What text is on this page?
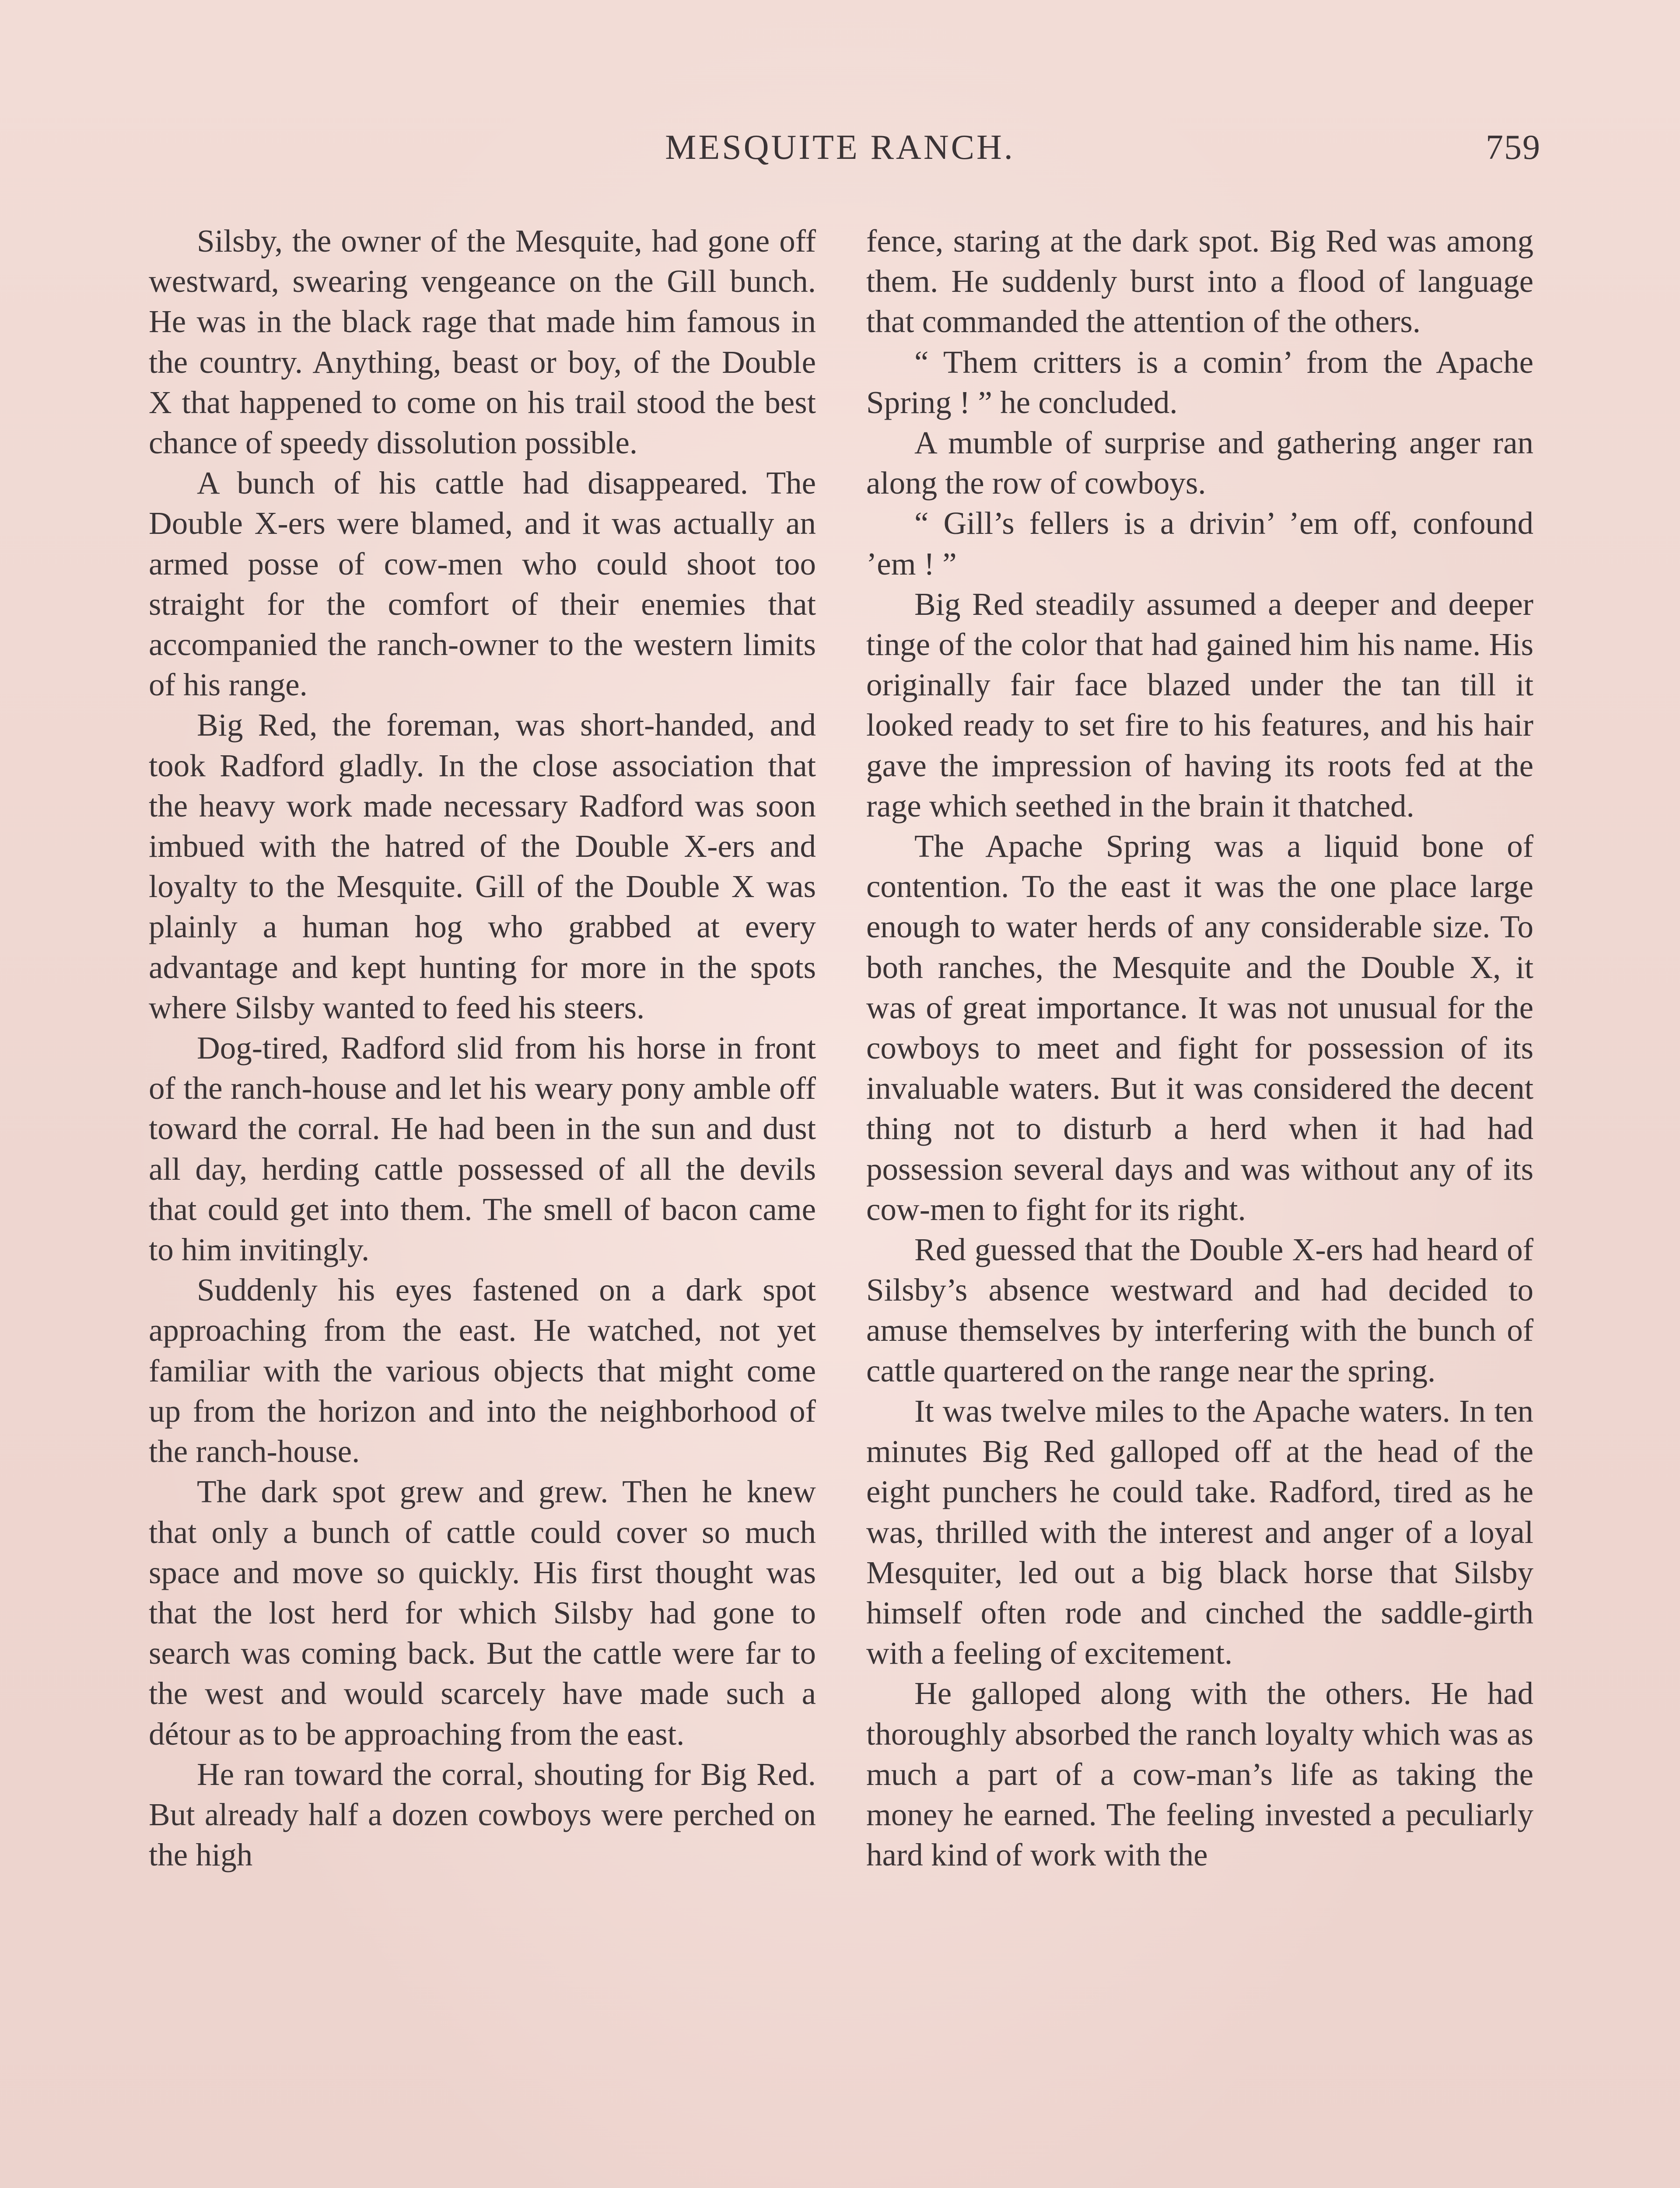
MESQUITE RANCH.	759

Silsby, the owner of the Mesquite, had gone off westward, swearing vengeance on the Gill bunch. He was in the black rage that made him famous in the country. Anything, beast or boy, of the Double X that happened to come on his trail stood the best chance of speedy dissolution possible.

A bunch of his cattle had disappeared. The Double X-ers were blamed, and it was actually an armed posse of cow-men who could shoot too straight for the comfort of their enemies that accompanied the ranch-owner to the western limits of his range.

Big Red, the foreman, was short-handed, and took Radford gladly. In the close association that the heavy work made necessary Radford was soon imbued with the hatred of the Double X-ers and loyalty to the Mesquite. Gill of the Double X was plainly a human hog who grabbed at every advantage and kept hunting for more in the spots where Silsby wanted to feed his steers.

Dog-tired, Radford slid from his horse in front of the ranch-house and let his weary pony amble off toward the corral. He had been in the sun and dust all day, herding cattle possessed of all the devils that could get into them. The smell of bacon came to him invitingly.

Suddenly his eyes fastened on a dark spot approaching from the east. He watched, not yet familiar with the various objects that might come up from the horizon and into the neighborhood of the ranch-house.

The dark spot grew and grew. Then he knew that only a bunch of cattle could cover so much space and move so quickly. His first thought was that the lost herd for which Silsby had gone to search was coming back. But the cattle were far to the west and would scarcely have made such a détour as to be approaching from the east.

He ran toward the corral, shouting for Big Red. But already half a dozen cowboys were perched on the high

fence, staring at the dark spot. Big Red was among them. He suddenly burst into a flood of language that commanded the attention of the others.

“ Them critters is a comin’ from the Apache Spring ! ” he concluded.

A mumble of surprise and gathering anger ran along the row of cowboys.

“ Gill’s fellers is a drivin’ ’em off, confound ’em ! ”

Big Red steadily assumed a deeper and deeper tinge of the color that had gained him his name. His originally fair face blazed under the tan till it looked ready to set fire to his features, and his hair gave the impression of having its roots fed at the rage which seethed in the brain it thatched.

The Apache Spring was a liquid bone of contention. To the east it was the one place large enough to water herds of any considerable size. To both ranches, the Mesquite and the Double X, it was of great importance. It was not unusual for the cowboys to meet and fight for possession of its invaluable waters. But it was considered the decent thing not to disturb a herd when it had had possession several days and was without any of its cow-men to fight for its right.

Red guessed that the Double X-ers had heard of Silsby’s absence westward and had decided to amuse themselves by interfering with the bunch of cattle quartered on the range near the spring.

It was twelve miles to the Apache waters. In ten minutes Big Red galloped off at the head of the eight punchers he could take. Radford, tired as he was, thrilled with the interest and anger of a loyal Mesquiter, led out a big black horse that Silsby himself often rode and cinched the saddle-girth with a feeling of excitement.

He galloped along with the others. He had thoroughly absorbed the ranch loyalty which was as much a part of a cow-man’s life as taking the money he earned. The feeling invested a peculiarly hard kind of work with the
